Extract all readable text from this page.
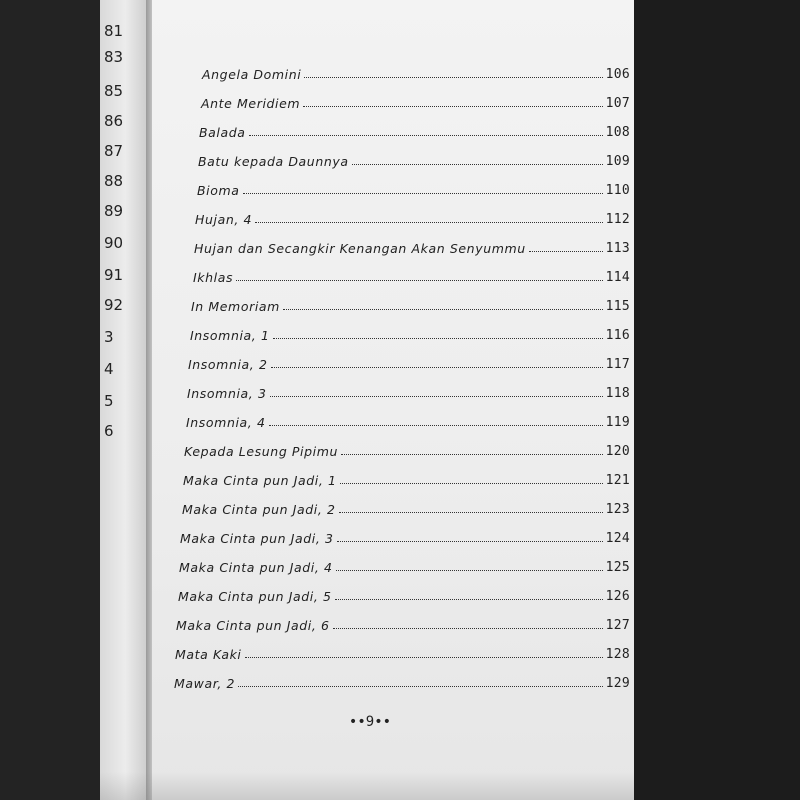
81
83
85
86
87
88
89
90
91
92
3
4
5
6
Angela Domini	106
Ante Meridiem	107
Balada	108
Batu kepada Daunnya	109
Bioma	110
Hujan, 4	112
Hujan dan Secangkir Kenangan Akan Senyummu	113
Ikhlas	114
In Memoriam	115
Insomnia, 1	116
Insomnia, 2	117
Insomnia, 3	118
Insomnia, 4	119
Kepada Lesung Pipimu	120
Maka Cinta pun Jadi, 1	121
Maka Cinta pun Jadi, 2	123
Maka Cinta pun Jadi, 3	124
Maka Cinta pun Jadi, 4	125
Maka Cinta pun Jadi, 5	126
Maka Cinta pun Jadi, 6	127
Mata Kaki	128
Mawar, 2	129
••9••
